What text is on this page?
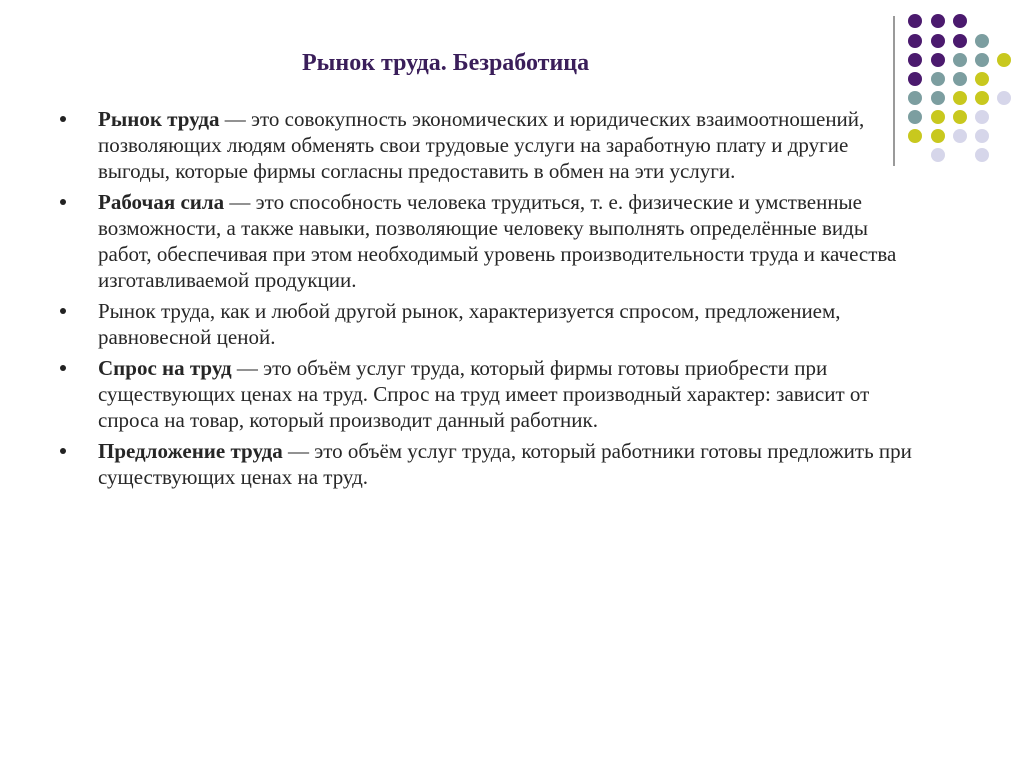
Рынок труда. Безработица
Рынок труда — это совокупность экономических и юридических взаимоотношений, позволяющих людям обменять свои трудовые услуги на заработную плату и другие выгоды, которые фирмы согласны предоставить в обмен на эти услуги.
Рабочая сила — это способность человека трудиться, т. е. физические и умственные возможности, а также навыки, позволяющие человеку выполнять определённые виды работ, обеспечивая при этом необходимый уровень производительности труда и качества изготавливаемой продукции.
Рынок труда, как и любой другой рынок, характеризуется спросом, предложением, равновесной ценой.
Спрос на труд — это объём услуг труда, который фирмы готовы приобрести при существующих ценах на труд. Спрос на труд имеет производный характер: зависит от спроса на товар, который производит данный работник.
Предложение труда — это объём услуг труда, который работники готовы предложить при существующих ценах на труд.
